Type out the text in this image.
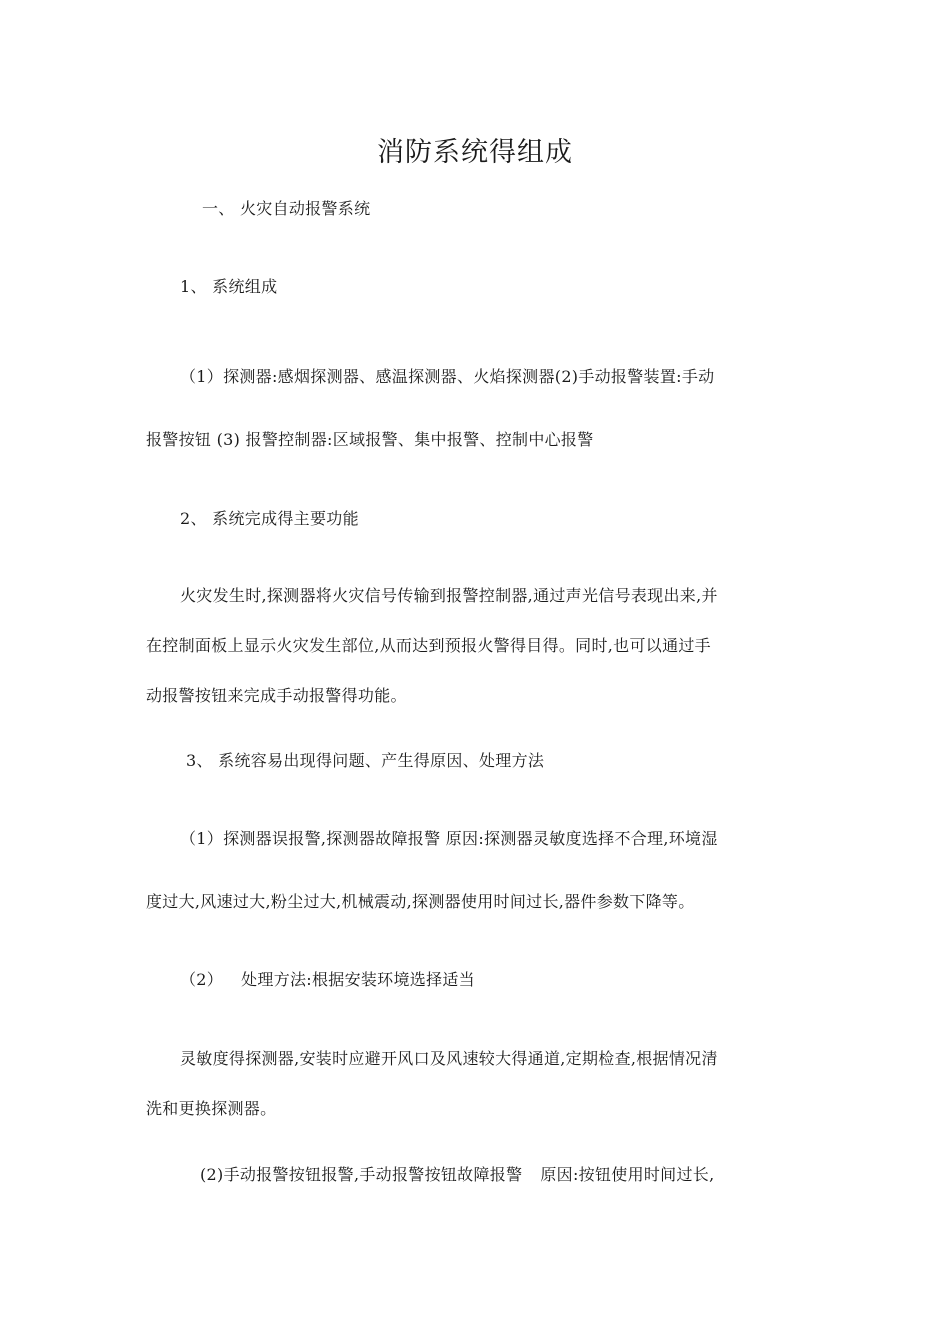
消防系统得组成
一、 火灾自动报警系统
1、 系统组成
（1）探测器:感烟探测器、感温探测器、火焰探测器(2)手动报警装置:手动
报警按钮 (3) 报警控制器:区域报警、集中报警、控制中心报警
2、 系统完成得主要功能
火灾发生时,探测器将火灾信号传输到报警控制器,通过声光信号表现出来,并
在控制面板上显示火灾发生部位,从而达到预报火警得目得。同时,也可以通过手
动报警按钮来完成手动报警得功能。
3、 系统容易出现得问题、产生得原因、处理方法
（1）探测器误报警,探测器故障报警 原因:探测器灵敏度选择不合理,环境湿
度过大,风速过大,粉尘过大,机械震动,探测器使用时间过长,器件参数下降等。
（2） 处理方法:根据安装环境选择适当
灵敏度得探测器,安装时应避开风口及风速较大得通道,定期检查,根据情况清
洗和更换探测器。
(2)手动报警按钮报警,手动报警按钮故障报警 原因:按钮使用时间过长,
